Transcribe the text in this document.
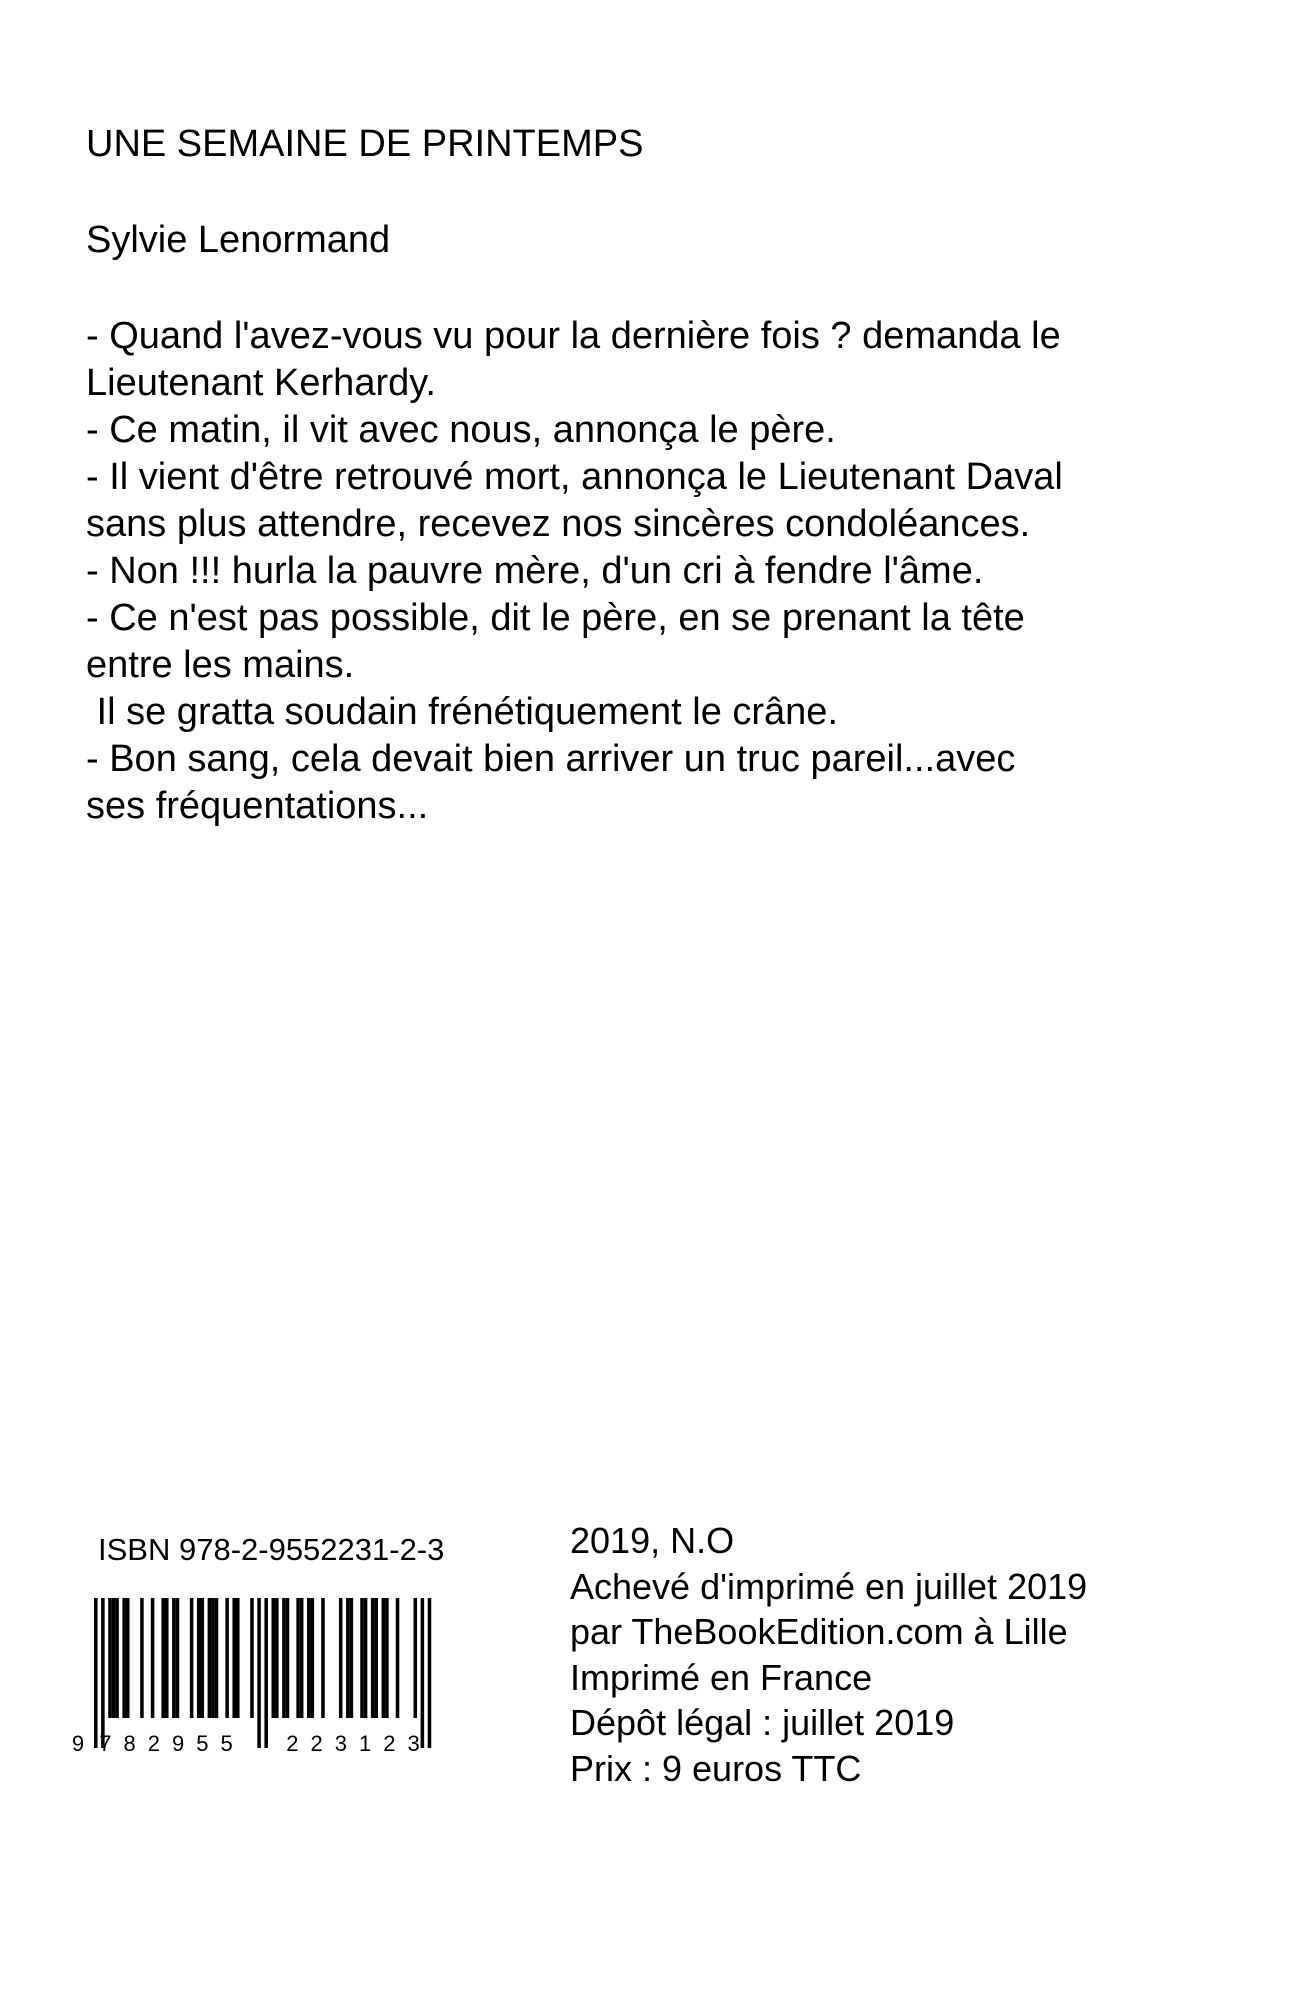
UNE SEMAINE DE PRINTEMPS
Sylvie Lenormand
- Quand l'avez-vous vu pour la dernière fois ? demanda le
Lieutenant Kerhardy.
- Ce matin, il vit avec nous, annonça le père.
- Il vient d'être retrouvé mort, annonça le Lieutenant Daval
sans plus attendre, recevez nos sincères condoléances.
- Non !!! hurla la pauvre mère, d'un cri à fendre l'âme.
- Ce n'est pas possible, dit le père, en se prenant la tête
entre les mains.
Il se gratta soudain frénétiquement le crâne.
- Bon sang, cela devait bien arriver un truc pareil...avec
ses fréquentations...
ISBN 978-2-9552231-2-3
9 782955 223123
2019, N.O
Achevé d'imprimé en juillet 2019
par TheBookEdition.com à Lille
Imprimé en France
Dépôt légal : juillet 2019
Prix : 9 euros TTC
